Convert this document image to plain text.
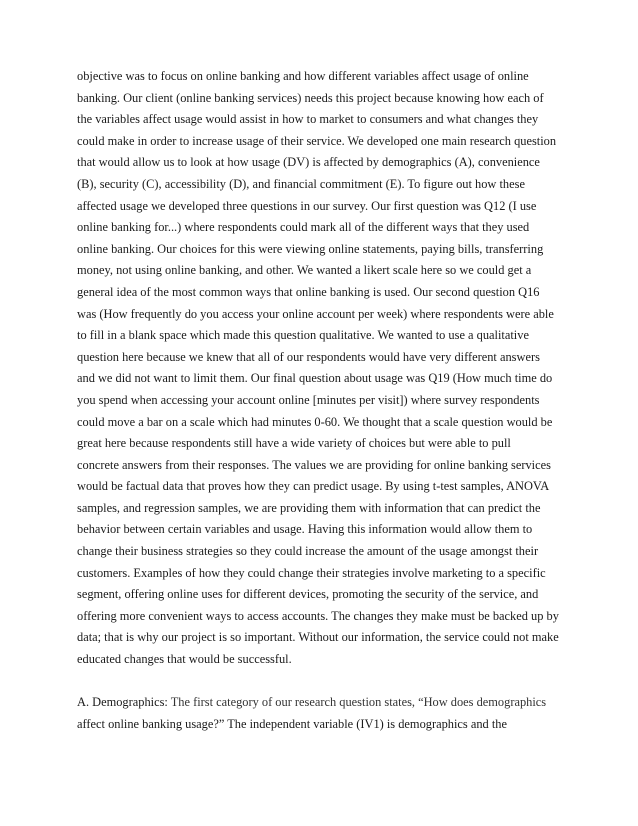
objective was to focus on online banking and how different variables affect usage of online
banking. Our client (online banking services) needs this project because knowing how each of
the variables affect usage would assist in how to market to consumers and what changes they
could make in order to increase usage of their service. We developed one main research question
that would allow us to look at how usage (DV) is affected by demographics (A), convenience
(B), security (C), accessibility (D), and financial commitment (E). To figure out how these
affected usage we developed three questions in our survey. Our first question was Q12 (I use
online banking for...) where respondents could mark all of the different ways that they used
online banking. Our choices for this were viewing online statements, paying bills, transferring
money, not using online banking, and other. We wanted a likert scale here so we could get a
general idea of the most common ways that online banking is used. Our second question Q16
was (How frequently do you access your online account per week) where respondents were able
to fill in a blank space which made this question qualitative. We wanted to use a qualitative
question here because we knew that all of our respondents would have very different answers
and we did not want to limit them. Our final question about usage was Q19 (How much time do
you spend when accessing your account online [minutes per visit]) where survey respondents
could move a bar on a scale which had minutes 0-60. We thought that a scale question would be
great here because respondents still have a wide variety of choices but were able to pull
concrete answers from their responses. The values we are providing for online banking services
would be factual data that proves how they can predict usage. By using t-test samples, ANOVA
samples, and regression samples, we are providing them with information that can predict the
behavior between certain variables and usage. Having this information would allow them to
change their business strategies so they could increase the amount of the usage amongst their
customers. Examples of how they could change their strategies involve marketing to a specific
segment, offering online uses for different devices, promoting the security of the service, and
offering more convenient ways to access accounts. The changes they make must be backed up by
data; that is why our project is so important. Without our information, the service could not make
educated changes that would be successful.
A. Demographics: The first category of our research question states, “How does demographics
affect online banking usage?” The independent variable (IV1) is demographics and the
